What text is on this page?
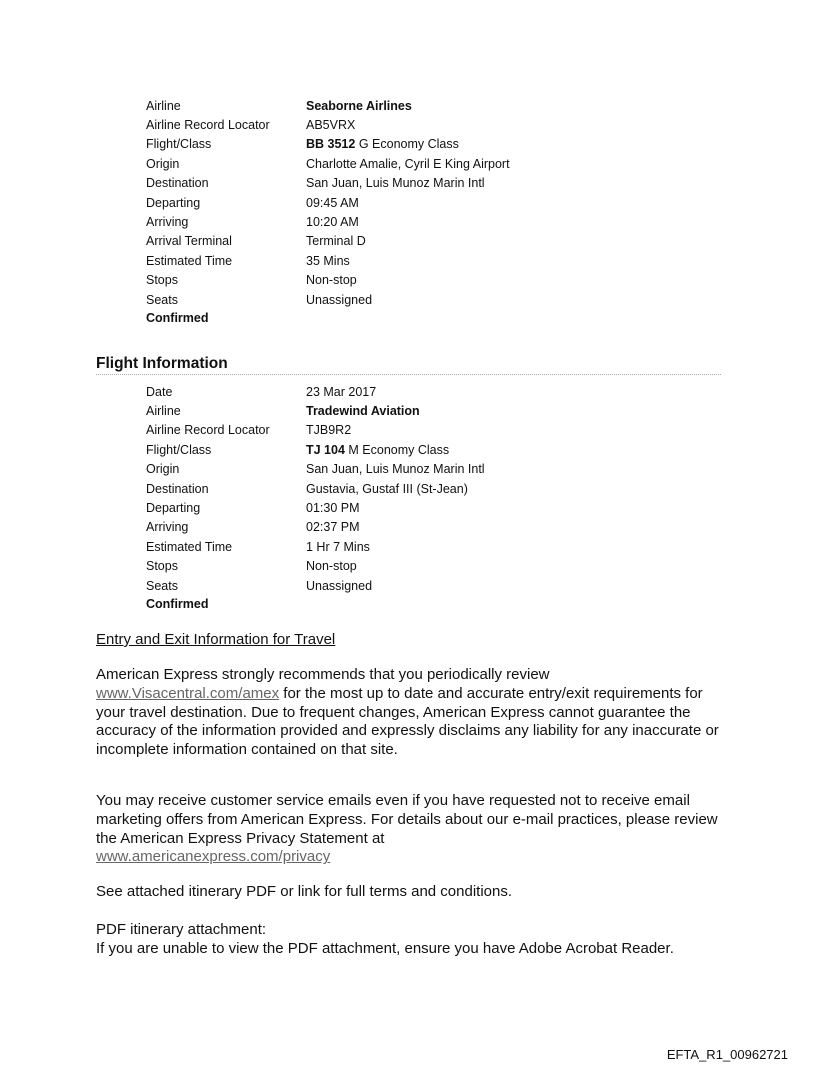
Airline	Seaborne Airlines
Airline Record Locator	AB5VRX
Flight/Class	BB 3512 G Economy Class
Origin	Charlotte Amalie, Cyril E King Airport
Destination	San Juan, Luis Munoz Marin Intl
Departing	09:45 AM
Arriving	10:20 AM
Arrival Terminal	Terminal D
Estimated Time	35 Mins
Stops	Non-stop
Seats	Unassigned
Confirmed
Flight Information
Date	23 Mar 2017
Airline	Tradewind Aviation
Airline Record Locator	TJB9R2
Flight/Class	TJ 104 M Economy Class
Origin	San Juan, Luis Munoz Marin Intl
Destination	Gustavia, Gustaf III (St-Jean)
Departing	01:30 PM
Arriving	02:37 PM
Estimated Time	1 Hr 7 Mins
Stops	Non-stop
Seats	Unassigned
Confirmed
Entry and Exit Information for Travel
American Express strongly recommends that you periodically review
www.Visacentral.com/amex for the most up to date and accurate entry/exit requirements for your travel destination. Due to frequent changes, American Express cannot guarantee the accuracy of the information provided and expressly disclaims any liability for any inaccurate or incomplete information contained on that site.
You may receive customer service emails even if you have requested not to receive email marketing offers from American Express. For details about our e-mail practices, please review the American Express Privacy Statement at
www.americanexpress.com/privacy
See attached itinerary PDF or link for full terms and conditions.
PDF itinerary attachment:
If you are unable to view the PDF attachment, ensure you have Adobe Acrobat Reader.
EFTA_R1_00962721
